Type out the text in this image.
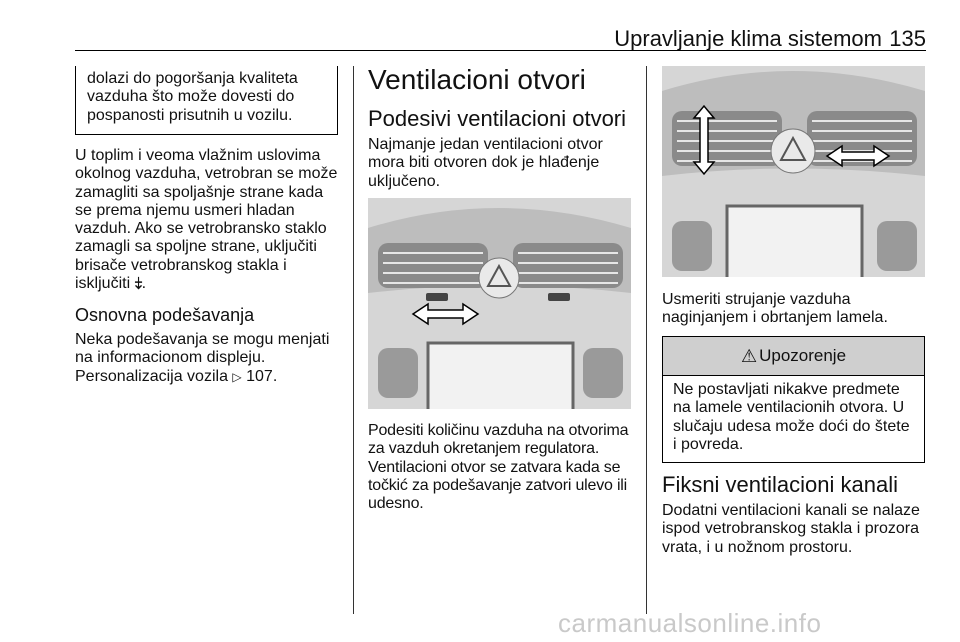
Upravljanje klima sistemom 135
dolazi do pogoršanja kvaliteta
vazduha što može dovesti do
pospanosti prisutnih u vozilu.
U toplim i veoma vlažnim uslovima
okolnog vazduha, vetrobran se može
zamagliti sa spoljašnje strane kada
se prema njemu usmeri hladan
vazduh. Ako se vetrobransko staklo
zamagli sa spoljne strane, uključiti
brisače vetrobranskog stakla i
isključiti ⤈.
Osnovna podešavanja
Neka podešavanja se mogu menjati
na informacionom displeju.
Personalizacija vozila ▷ 107.
Ventilacioni otvori
Podesivi ventilacioni otvori
Najmanje jedan ventilacioni otvor
mora biti otvoren dok je hlađenje
uključeno.
Podesiti količinu vazduha na otvorima
za vazduh okretanjem regulatora.
Ventilacioni otvor se zatvara kada se
točkić za podešavanje zatvori ulevo ili
udesno.
Usmeriti strujanje vazduha
naginjanjem i obrtanjem lamela.
⚠ Upozorenje
Ne postavljati nikakve predmete
na lamele ventilacionih otvora. U
slučaju udesa može doći do štete
i povreda.
Fiksni ventilacioni kanali
Dodatni ventilacioni kanali se nalaze
ispod vetrobranskog stakla i prozora
vrata, i u nožnom prostoru.
carmanualsonline.info
